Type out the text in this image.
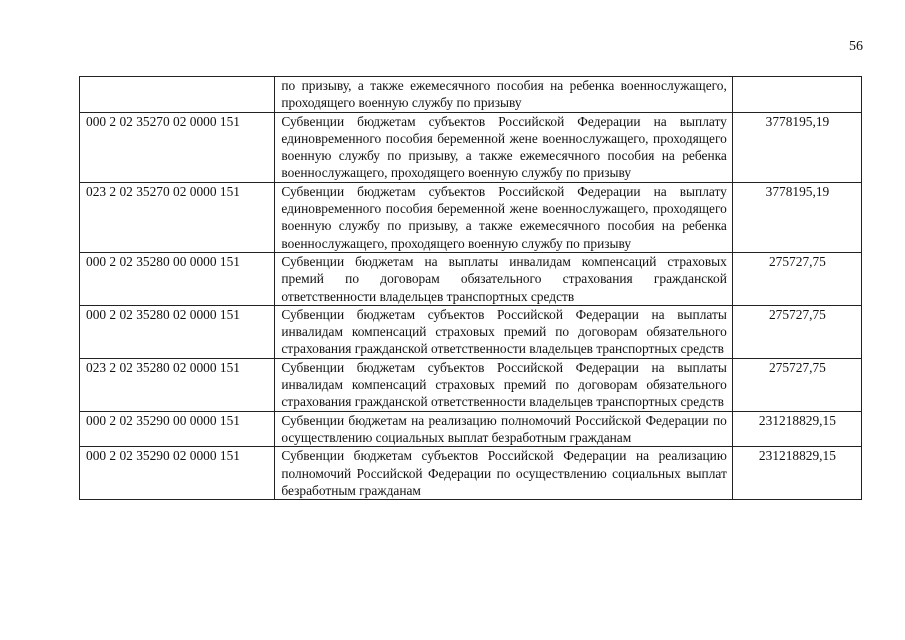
56
	по призыву, а также ежемесячного пособия на ребенка военнослужащего, проходящего военную службу по призыву	
000 2 02 35270 02 0000 151	Субвенции бюджетам субъектов Российской Федерации на выплату единовременного пособия беременной жене военнослужащего, проходящего военную службу по призыву, а также ежемесячного пособия на ребенка военнослужащего, проходящего военную службу по призыву	3778195,19
023 2 02 35270 02 0000 151	Субвенции бюджетам субъектов Российской Федерации на выплату единовременного пособия беременной жене военнослужащего, проходящего военную службу по призыву, а также ежемесячного пособия на ребенка военнослужащего, проходящего военную службу по призыву	3778195,19
000 2 02 35280 00 0000 151	Субвенции бюджетам на выплаты инвалидам компенсаций страховых премий по договорам обязательного страхования гражданской ответственности владельцев транспортных средств	275727,75
000 2 02 35280 02 0000 151	Субвенции бюджетам субъектов Российской Федерации на выплаты инвалидам компенсаций страховых премий по договорам обязательного страхования гражданской ответственности владельцев транспортных средств	275727,75
023 2 02 35280 02 0000 151	Субвенции бюджетам субъектов Российской Федерации на выплаты инвалидам компенсаций страховых премий по договорам обязательного страхования гражданской ответственности владельцев транспортных средств	275727,75
000 2 02 35290 00 0000 151	Субвенции бюджетам на реализацию полномочий Российской Федерации по осуществлению социальных выплат безработным гражданам	231218829,15
000 2 02 35290 02 0000 151	Субвенции бюджетам субъектов Российской Федерации на реализацию полномочий Российской Федерации по осуществлению социальных выплат безработным гражданам	231218829,15
